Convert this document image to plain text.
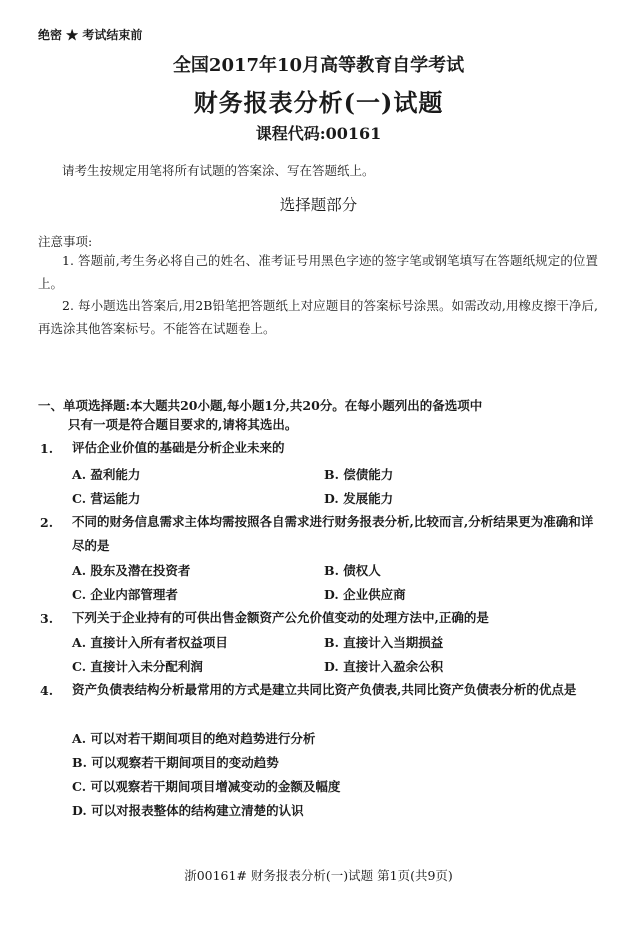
绝密 ★ 考试结束前
全国2017年10月高等教育自学考试
财务报表分析(一)试题
课程代码:00161
请考生按规定用笔将所有试题的答案涂、写在答题纸上。
选择题部分
注意事项:
1. 答题前,考生务必将自己的姓名、准考证号用黑色字迹的签字笔或钢笔填写在答题纸规定的位置上。
2. 每小题选出答案后,用2B铅笔把答题纸上对应题目的答案标号涂黑。如需改动,用橡皮擦干净后,再选涂其他答案标号。不能答在试题卷上。
一、单项选择题:本大题共20小题,每小题1分,共20分。在每小题列出的备选项中
只有一项是符合题目要求的,请将其选出。
1. 评估企业价值的基础是分析企业未来的
A. 盈利能力	B. 偿债能力
C. 营运能力	D. 发展能力
2. 不同的财务信息需求主体均需按照各自需求进行财务报表分析,比较而言,分析结果更为准确和详尽的是
A. 股东及潜在投资者	B. 债权人
C. 企业内部管理者	D. 企业供应商
3. 下列关于企业持有的可供出售金额资产公允价值变动的处理方法中,正确的是
A. 直接计入所有者权益项目	B. 直接计入当期损益
C. 直接计入未分配利润	D. 直接计入盈余公积
4. 资产负债表结构分析最常用的方式是建立共同比资产负债表,共同比资产负债表分析的优点是
A. 可以对若干期间项目的绝对趋势进行分析
B. 可以观察若干期间项目的变动趋势
C. 可以观察若干期间项目增减变动的金额及幅度
D. 可以对报表整体的结构建立清楚的认识
浙00161# 财务报表分析(一)试题 第1页(共9页)
